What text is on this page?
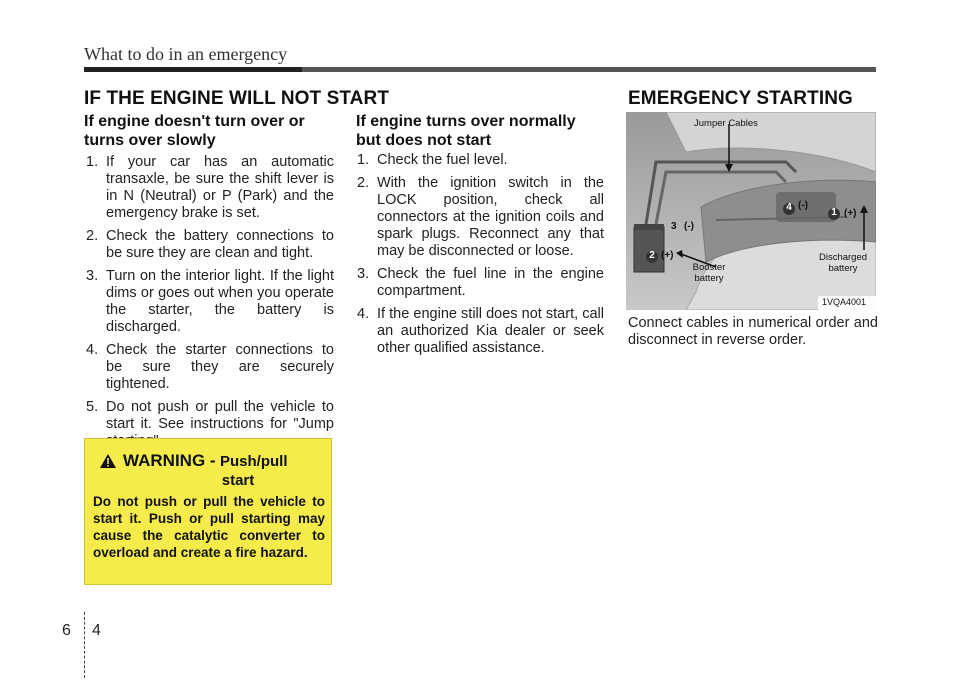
What to do in an emergency
IF THE ENGINE WILL NOT START	EMERGENCY STARTING
If engine doesn't turn over or
turns over slowly
1. If your car has an automatic transaxle, be sure the shift lever is in N (Neutral) or P (Park) and the emergency brake is set.
2. Check the battery connections to be sure they are clean and tight.
3. Turn on the interior light. If the light dims or goes out when you operate the starter, the battery is discharged.
4. Check the starter connections to be sure they are securely tightened.
5. Do not push or pull the vehicle to start it. See instructions for "Jump
WARNING - Push/pull
start
Do not push or pull the vehicle to start it. Push or pull starting may cause the catalytic converter to overload and create a fire hazard.
If engine turns over normally
but does not start
1. Check the fuel level.
2. With the ignition switch in the LOCK position, check all connectors at the ignition coils and spark plugs. Reconnect any that may be disconnected or loose.
3. Check the fuel line in the engine compartment.
4. If the engine still does not start, call an authorized Kia dealer or seek other qualified assistance.
Jumper Cables
Booster
battery
Discharged
battery
1VQA4001
1 (+)
4 (-)
3 (-)
2 (+)
Connect cables in numerical order and disconnect in reverse order.
6 4
